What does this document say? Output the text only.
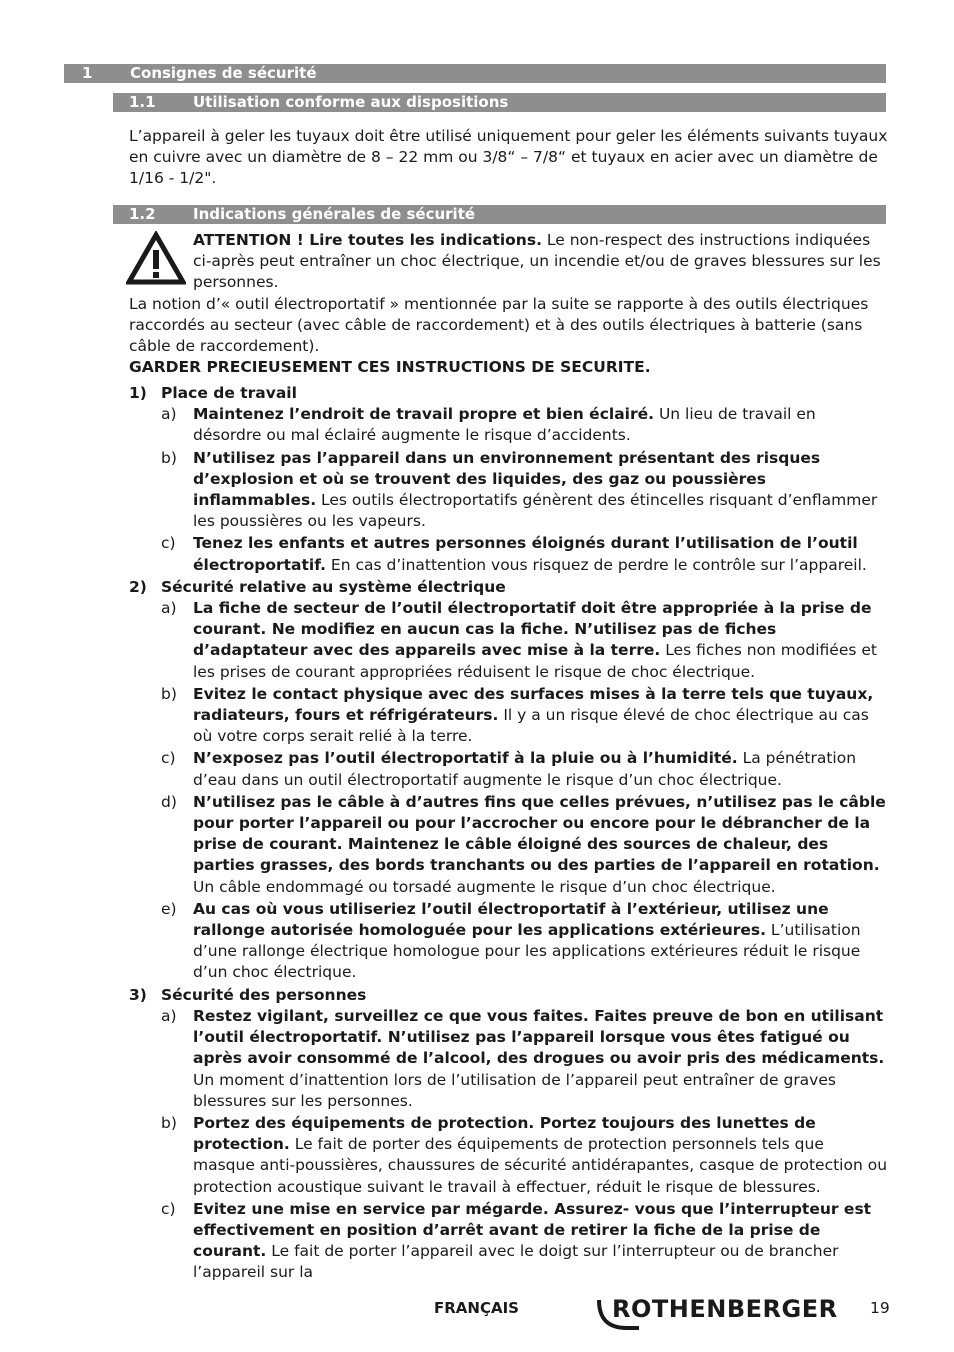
1	Consignes de sécurité
1.1 Utilisation conforme aux dispositions
L’appareil à geler les tuyaux doit être utilisé uniquement pour geler les éléments suivants tuyaux en cuivre avec un diamètre de 8 – 22 mm ou 3/8“ – 7/8“ et tuyaux en acier avec un diamètre de 1/16 - 1/2".
1.2 Indications générales de sécurité
ATTENTION ! Lire toutes les indications. Le non-respect des instructions indiquées ci-après peut entraîner un choc électrique, un incendie et/ou de graves blessures sur les personnes.
La notion d’« outil électroportatif » mentionnée par la suite se rapporte à des outils électriques raccordés au secteur (avec câble de raccordement) et à des outils électriques à batterie (sans câble de raccordement).
GARDER PRECIEUSEMENT CES INSTRUCTIONS DE SECURITE.
1) Place de travail
a) Maintenez l’endroit de travail propre et bien éclairé. Un lieu de travail en désordre ou mal éclairé augmente le risque d’accidents.
b) N’utilisez pas l’appareil dans un environnement présentant des risques d’explosion et où se trouvent des liquides, des gaz ou poussières inflammables. Les outils électroportatifs génèrent des étincelles risquant d’enflammer les poussières ou les vapeurs.
c) Tenez les enfants et autres personnes éloignés durant l’utilisation de l’outil électroportatif. En cas d’inattention vous risquez de perdre le contrôle sur l’appareil.
2) Sécurité relative au système électrique
a) La fiche de secteur de l’outil électroportatif doit être appropriée à la prise de courant. Ne modifiez en aucun cas la fiche. N’utilisez pas de fiches d’adaptateur avec des appareils avec mise à la terre. Les fiches non modifiées et les prises de courant appropriées réduisent le risque de choc électrique.
b) Evitez le contact physique avec des surfaces mises à la terre tels que tuyaux, radiateurs, fours et réfrigérateurs. Il y a un risque élevé de choc électrique au cas où votre corps serait relié à la terre.
c) N’exposez pas l’outil électroportatif à la pluie ou à l’humidité. La pénétration d’eau dans un outil électroportatif augmente le risque d’un choc électrique.
d) N’utilisez pas le câble à d’autres fins que celles prévues, n’utilisez pas le câble pour porter l’appareil ou pour l’accrocher ou encore pour le débrancher de la prise de courant. Maintenez le câble éloigné des sources de chaleur, des parties grasses, des bords tranchants ou des parties de l’appareil en rotation. Un câble endommagé ou torsadé augmente le risque d’un choc électrique.
e) Au cas où vous utiliseriez l’outil électroportatif à l’extérieur, utilisez une rallonge autorisée homologuée pour les applications extérieures. L’utilisation d’une rallonge électrique homologue pour les applications extérieures réduit le risque d’un choc électrique.
3) Sécurité des personnes
a) Restez vigilant, surveillez ce que vous faites. Faites preuve de bon en utilisant l’outil électroportatif. N’utilisez pas l’appareil lorsque vous êtes fatigué ou après avoir consommé de l’alcool, des drogues ou avoir pris des médicaments. Un moment d’inattention lors de l’utilisation de l’appareil peut entraîner de graves blessures sur les personnes.
b) Portez des équipements de protection. Portez toujours des lunettes de protection. Le fait de porter des équipements de protection personnels tels que masque anti-poussières, chaussures de sécurité antidérapantes, casque de protection ou protection acoustique suivant le travail à effectuer, réduit le risque de blessures.
c) Evitez une mise en service par mégarde. Assurez- vous que l’interrupteur est effectivement en position d’arrêt avant de retirer la fiche de la prise de courant. Le fait de porter l’appareil avec le doigt sur l’interrupteur ou de brancher l’appareil sur la
FRANÇAIS	ROTHENBERGER 19
